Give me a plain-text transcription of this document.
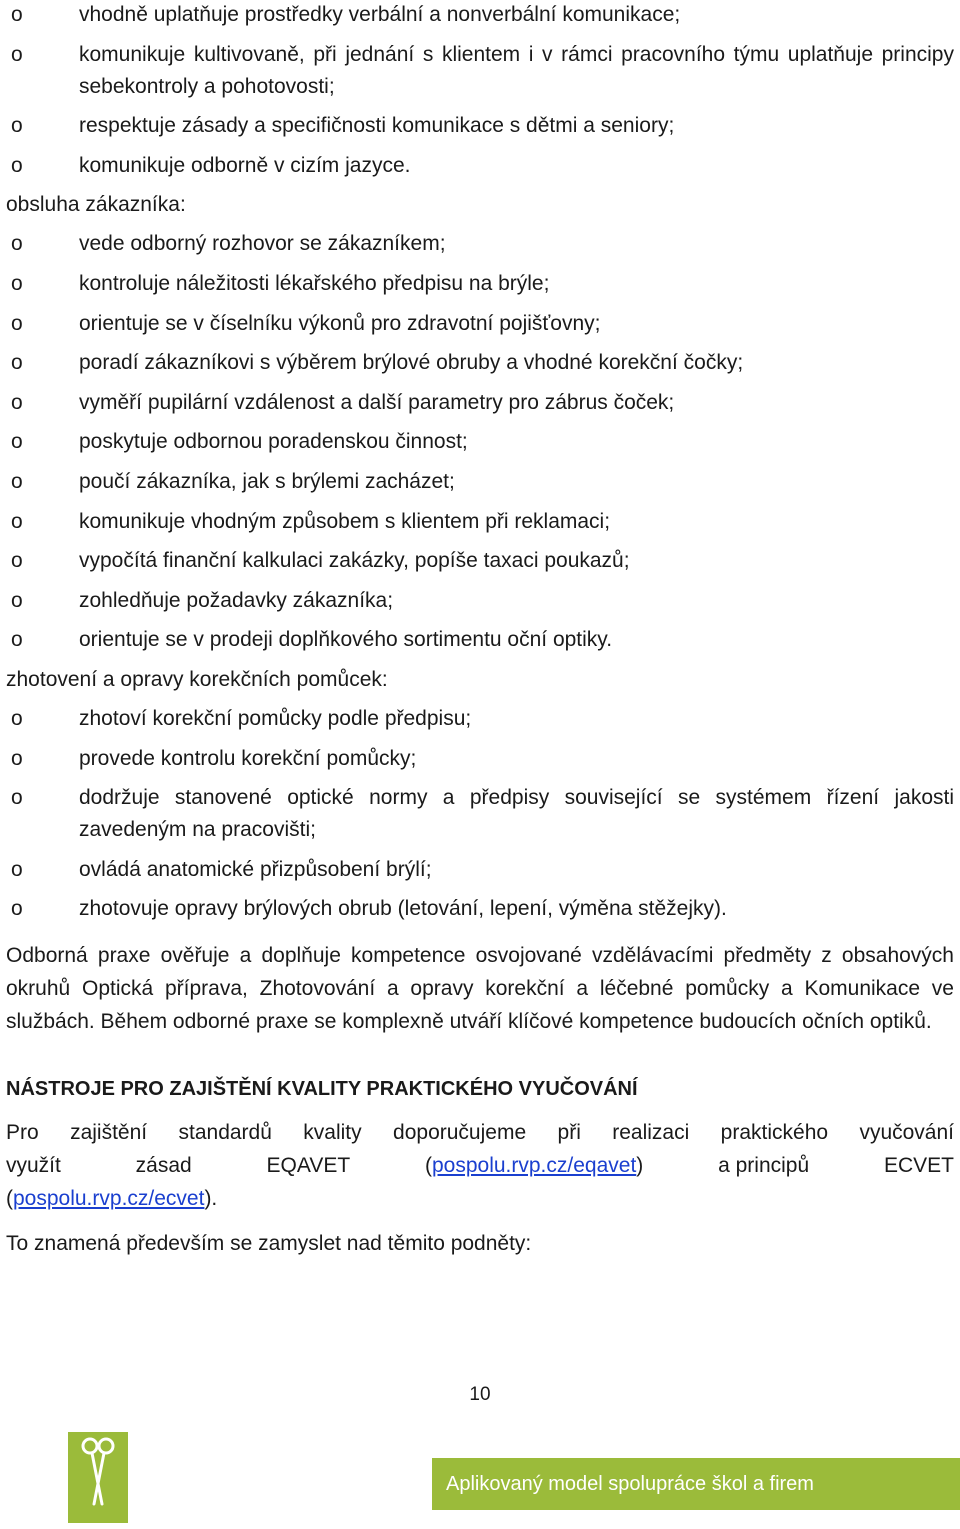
o	vhodně uplatňuje prostředky verbální a nonverbální komunikace;
o	komunikuje kultivovaně, při jednání s klientem i v rámci pracovního týmu uplatňuje principy sebekontroly a pohotovosti;
o	respektuje zásady a specifičnosti komunikace s dětmi a seniory;
o	komunikuje odborně v cizím jazyce.
obsluha zákazníka:
o	vede odborný rozhovor se zákazníkem;
o	kontroluje náležitosti lékařského předpisu na brýle;
o	orientuje se v číselníku výkonů pro zdravotní pojišťovny;
o	poradí zákazníkovi s výběrem brýlové obruby a vhodné korekční čočky;
o	vyměří pupilární vzdálenost a další parametry pro zábrus čoček;
o	poskytuje odbornou poradenskou činnost;
o	poučí zákazníka, jak s brýlemi zacházet;
o	komunikuje vhodným způsobem s klientem při reklamaci;
o	vypočítá finanční kalkulaci zakázky, popíše taxaci poukazů;
o	zohledňuje požadavky zákazníka;
o	orientuje se v prodeji doplňkového sortimentu oční optiky.
zhotovení a opravy korekčních pomůcek:
o	zhotoví korekční pomůcky podle předpisu;
o	provede kontrolu korekční pomůcky;
o	dodržuje stanovené optické normy a předpisy související se systémem řízení jakosti zavedeným na pracovišti;
o	ovládá anatomické přizpůsobení brýlí;
o	zhotovuje opravy brýlových obrub (letování, lepení, výměna stěžejky).

Odborná praxe ověřuje a doplňuje kompetence osvojované vzdělávacími předměty z obsahových okruhů Optická příprava, Zhotovování a opravy korekční a léčebné pomůcky a Komunikace ve službách. Během odborné praxe se komplexně utváří klíčové kompetence budoucích očních optiků.

NÁSTROJE PRO ZAJIŠTĚNÍ KVALITY PRAKTICKÉHO VYUČOVÁNÍ
Pro zajištění standardů kvality doporučujeme při realizaci praktického vyučování
využít	zásad	EQAVET	(pospolu.rvp.cz/eqavet)	a principů	ECVET
(pospolu.rvp.cz/ecvet).

To znamená především se zamyslet nad těmito podněty:

10
Aplikovaný model spolupráce škol a firem
